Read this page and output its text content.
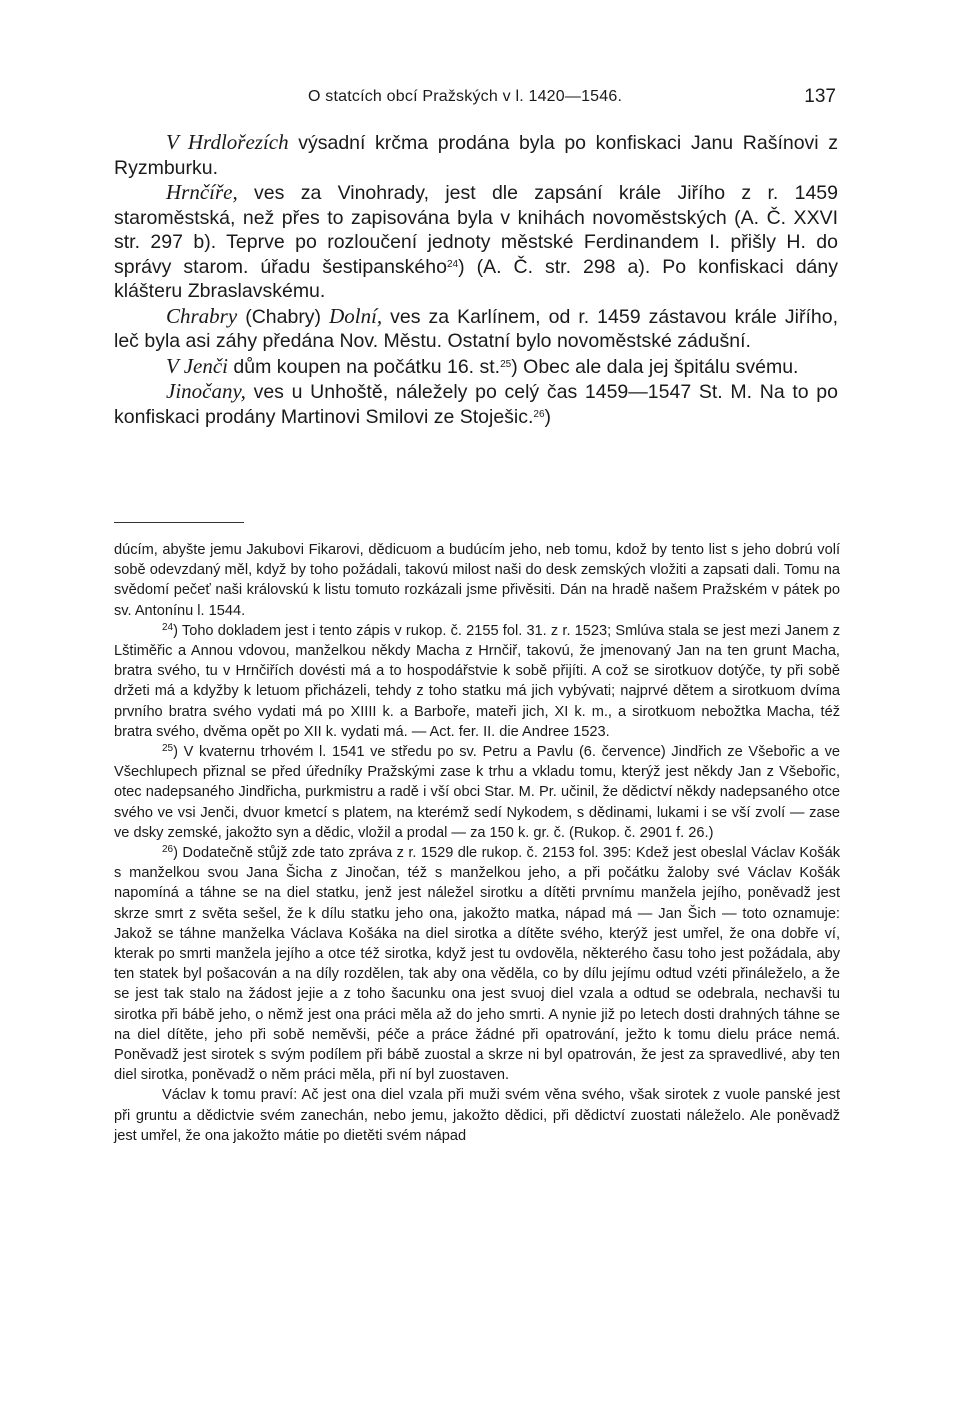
O statcích obcí Pražských v l. 1420—1546.	137

V Hrdlořezích výsadní krčma prodána byla po konfiskaci Janu Rašínovi z Ryzmburku.

Hrnčíře, ves za Vinohrady, jest dle zapsání krále Jiřího z r. 1459 staroměstská, než přes to zapisována byla v knihách novoměstských (A. Č. XXVI str. 297 b). Teprve po rozloučení jednoty městské Ferdinandem I. přišly H. do správy starom. úřadu šestipanského$^{24}$) (A. Č. str. 298 a). Po konfiskaci dány klášteru Zbraslavskému.

Chrabry (Chabry) Dolní, ves za Karlínem, od r. 1459 zástavou krále Jiřího, leč byla asi záhy předána Nov. Městu. Ostatní bylo novoměstské zádušní.

V Jenči dům koupen na počátku 16. st.$^{25}$) Obec ale dala jej špitálu svému.

Jinočany, ves u Unhoště, náležely po celý čas 1459—1547 St. M. Na to po konfiskaci prodány Martinovi Smilovi ze Stoješic.$^{26}$)

dúcím, abyšte jemu Jakubovi Fikarovi, dědicuom a budúcím jeho, neb tomu, kdož by tento list s jeho dobrú volí sobě odevzdaný měl, když by toho požádali, takovú milost naši do desk zemských vložiti a zapsati dali. Tomu na svědomí pečeť naši královskú k listu tomuto rozkázali jsme přivěsiti. Dán na hradě našem Pražském v pátek po sv. Antonínu l. 1544.

$^{24}$) Toho dokladem jest i tento zápis v rukop. č. 2155 fol. 31. z r. 1523; Smlúva stala se jest mezi Janem z Lštiměřic a Annou vdovou, manželkou někdy Macha z Hrnčiř, takovú, že jmenovaný Jan na ten grunt Macha, bratra svého, tu v Hrnčiřích dovésti má a to hospodářstvie k sobě přijíti. A což se sirotkuov dotýče, ty při sobě držeti má a kdyžby k letuom přicházeli, tehdy z toho statku má jich vybývati; najprvé dětem a sirotkuom dvíma prvního bratra svého vydati má po XIIII k. a Barboře, mateři jich, XI k. m., a sirotkuom nebožtka Macha, též bratra svého, dvěma opět po XII k. vydati má. — Act. fer. II. die Andree 1523.

$^{25}$) V kvaternu trhovém l. 1541 ve středu po sv. Petru a Pavlu (6. července) Jindřich ze Všebořic a ve Všechlupech přiznal se před úředníky Pražskými zase k trhu a vkladu tomu, kterýž jest někdy Jan z Všebořic, otec nadepsaného Jindřicha, purkmistru a radě i vší obci Star. M. Pr. učinil, že dědictví někdy nadepsaného otce svého ve vsi Jenči, dvuor kmetcí s platem, na kterémž sedí Nykodem, s dědinami, lukami i se vší zvolí — zase ve dsky zemské, jakožto syn a dědic, vložil a prodal — za 150 k. gr. č. (Rukop. č. 2901 f. 26.)

$^{26}$) Dodatečně stůjž zde tato zpráva z r. 1529 dle rukop. č. 2153 fol. 395: Kdež jest obeslal Václav Košák s manželkou svou Jana Šicha z Jinočan, též s manželkou jeho, a při počátku žaloby své Václav Košák napomíná a táhne se na diel statku, jenž jest náležel sirotku a dítěti prvnímu manžela jejího, poněvadž jest skrze smrt z světa sešel, že k dílu statku jeho ona, jakožto matka, nápad má — Jan Šich — toto oznamuje: Jakož se táhne manželka Václava Košáka na diel sirotka a dítěte svého, kterýž jest umřel, že ona dobře ví, kterak po smrti manžela jejího a otce též sirotka, když jest tu ovdověla, některého času toho jest požádala, aby ten statek byl pošacován a na díly rozdělen, tak aby ona věděla, co by dílu jejímu odtud vzéti přináleželo, a že se jest tak stalo na žádost jejie a z toho šacunku ona jest svuoj diel vzala a odtud se odebrala, nechavši tu sirotka při bábě jeho, o němž jest ona práci měla až do jeho smrti. A nynie již po letech dosti drahných táhne se na diel dítěte, jeho při sobě neměvši, péče a práce žádné při opatrování, ježto k tomu dielu práce nemá. Poněvadž jest sirotek s svým podílem při bábě zuostal a skrze ni byl opatrován, že jest za spravedlivé, aby ten diel sirotka, poněvadž o něm práci měla, při ní byl zuostaven.

Václav k tomu praví: Ač jest ona diel vzala při muži svém věna svého, však sirotek z vuole panské jest při gruntu a dědictvie svém zanechán, nebo jemu, jakožto dědici, při dědictví zuostati náleželo. Ale poněvadž jest umřel, že ona jakožto mátie po dietěti svém nápad
